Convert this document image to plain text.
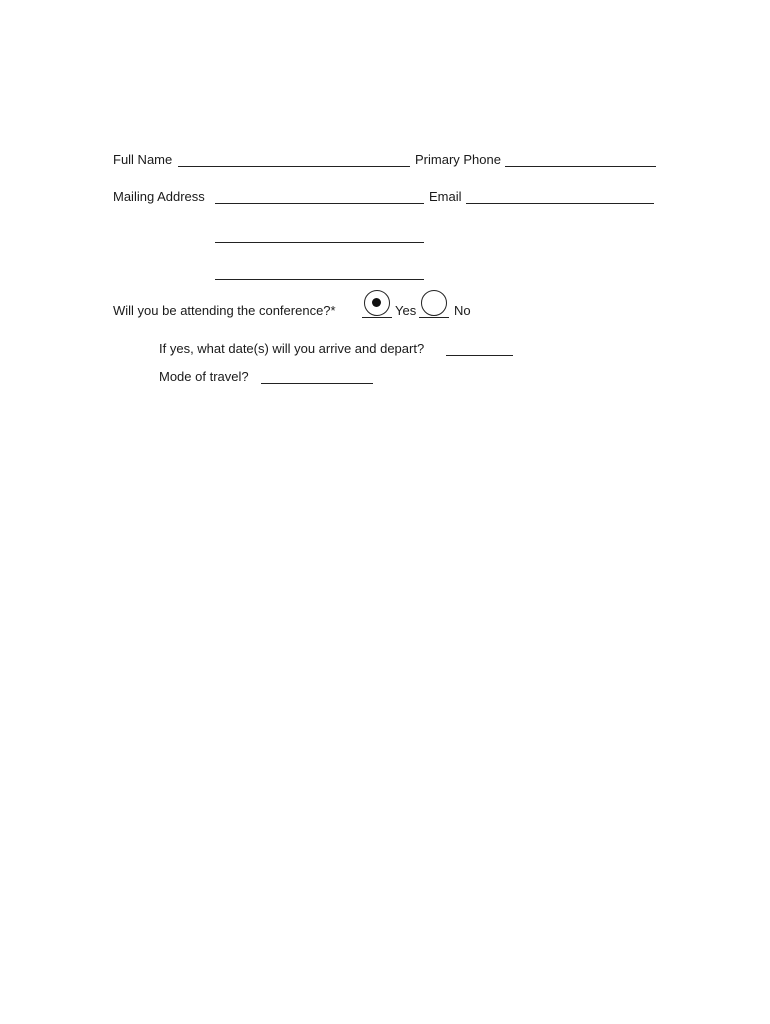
Full Name	Primary Phone
Mailing Address	Email
Will you be attending the conference?*	Yes	No
If yes, what date(s) will you arrive and depart?
Mode of travel?
